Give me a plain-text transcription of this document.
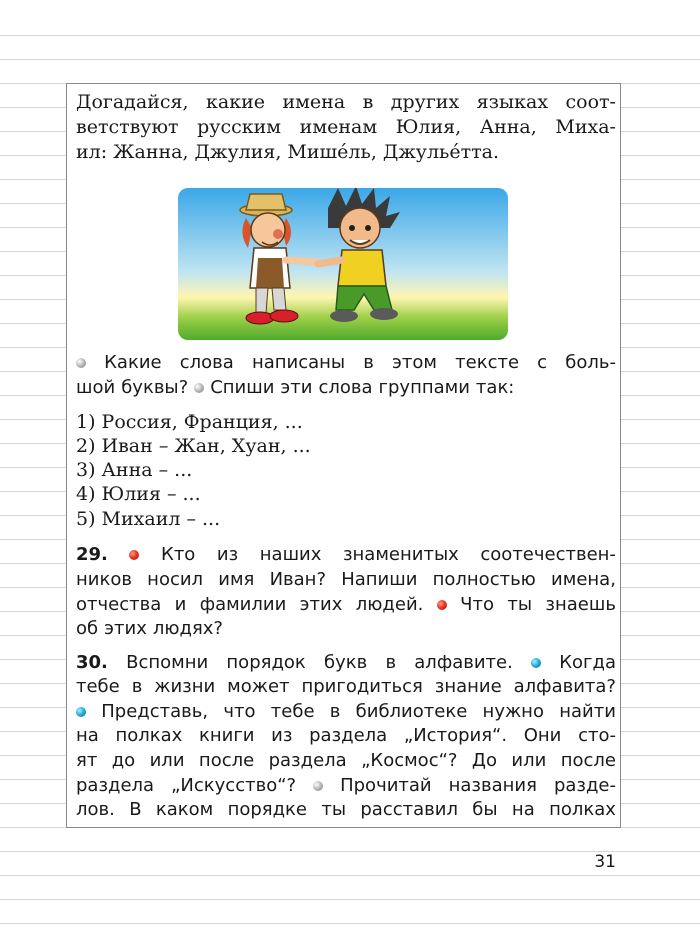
Догадайся, какие имена в других языках соот-
ветствуют русским именам Юлия, Анна, Миха-
ил: Жанна, Джулия, Мише́ль, Джулье́тта.
Какие слова написаны в этом тексте с боль-
шой буквы? Спиши эти слова группами так:
1) Россия, Франция, ...
2) Иван – Жан, Хуан, ...
3) Анна – ...
4) Юлия – ...
5) Михаил – ...
29.	Кто из наших знаменитых соотечествен-
ников носил имя Иван? Напиши полностью имена,
отчества и фамилии этих людей. Что ты знаешь
об этих людях?
30. Вспомни порядок букв в алфавите.	Когда
тебе в жизни может пригодиться знание алфавита?
Представь, что тебе в библиотеке нужно найти
на полках книги из раздела „История“. Они сто-
ят до или после раздела „Космос“? До или после
раздела „Искусство“? Прочитай названия разде-
лов. В каком порядке ты расставил бы на полках
31
